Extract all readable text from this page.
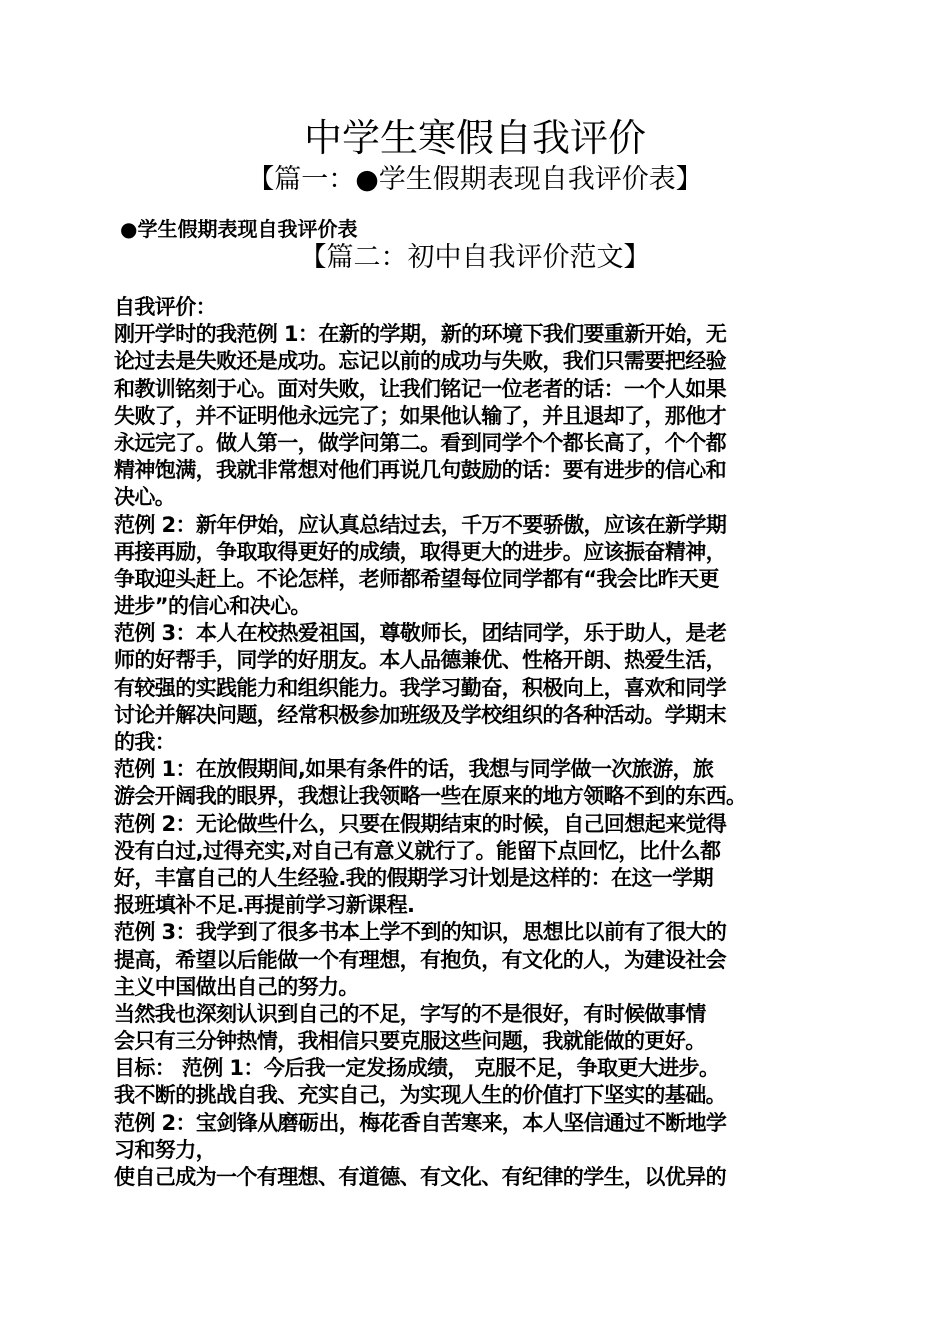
中学生寒假自我评价
【篇一：●学生假期表现自我评价表】
●学生假期表现自我评价表
【篇二：初中自我评价范文】
自我评价：
刚开学时的我范例 1：在新的学期，新的环境下我们要重新开始，无
论过去是失败还是成功。忘记以前的成功与失败，我们只需要把经验
和教训铭刻于心。面对失败，让我们铭记一位老者的话：一个人如果
失败了，并不证明他永远完了；如果他认输了，并且退却了，那他才
永远完了。做人第一，做学问第二。看到同学个个都长高了，个个都
精神饱满，我就非常想对他们再说几句鼓励的话：要有进步的信心和
决心。
范例 2：新年伊始，应认真总结过去，千万不要骄傲，应该在新学期
再接再励，争取取得更好的成绩，取得更大的进步。应该振奋精神，
争取迎头赶上。不论怎样，老师都希望每位同学都有“我会比昨天更
进步”的信心和决心。
范例 3：本人在校热爱祖国，尊敬师长，团结同学，乐于助人，是老
师的好帮手，同学的好朋友。本人品德兼优、性格开朗、热爱生活，
有较强的实践能力和组织能力。我学习勤奋，积极向上，喜欢和同学
讨论并解决问题，经常积极参加班级及学校组织的各种活动。学期末
的我：
范例 1：在放假期间,如果有条件的话，我想与同学做一次旅游，旅
游会开阔我的眼界，我想让我领略一些在原来的地方领略不到的东西。
范例 2：无论做些什么，只要在假期结束的时候，自己回想起来觉得
没有白过,过得充实,对自己有意义就行了。能留下点回忆，比什么都
好，丰富自己的人生经验.我的假期学习计划是这样的：在这一学期
报班填补不足.再提前学习新课程.
范例 3：我学到了很多书本上学不到的知识，思想比以前有了很大的
提高，希望以后能做一个有理想，有抱负，有文化的人，为建设社会
主义中国做出自己的努力。
当然我也深刻认识到自己的不足，字写的不是很好，有时候做事情
会只有三分钟热情，我相信只要克服这些问题，我就能做的更好。
目标： 范例 1：今后我一定发扬成绩， 克服不足，争取更大进步。
我不断的挑战自我、充实自己，为实现人生的价值打下坚实的基础。
范例 2：宝剑锋从磨砺出，梅花香自苦寒来，本人坚信通过不断地学
习和努力，
使自己成为一个有理想、有道德、有文化、有纪律的学生，以优异的
